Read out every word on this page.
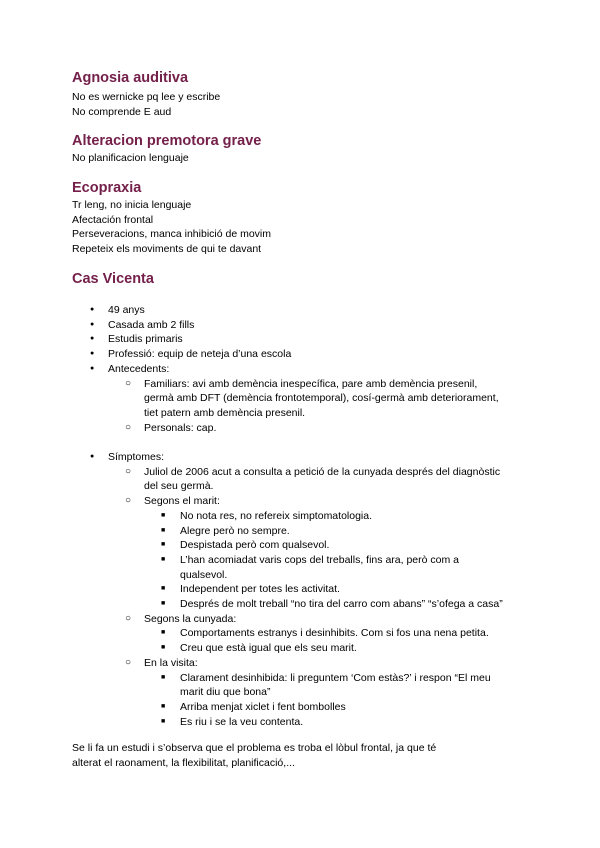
Agnosia auditiva

No es wernicke pq lee y escribe

No comprende E aud

Alteracion premotora grave

No planificacion lenguaje

Ecopraxia

Tr leng, no inicia lenguaje

Afectación frontal

Perseveracions, manca inhibició de movim

Repeteix els moviments de qui te davant

Cas Vicenta
● 49 anys
● Casada amb 2 fills
● Estudis primaris
● Professió: equip de neteja d’una escola
● Antecedents:
○ Familiars: avi amb demència inespecífica, pare amb demència presenil,
germà amb DFT (demència frontotemporal), cosí-germà amb deteriorament,
tiet patern amb demència presenil.
○ Personals: cap.
● Símptomes:
○ Juliol de 2006 acut a consulta a petició de la cunyada després del diagnòstic
del seu germà.
○ Segons el marit:
■ No nota res, no refereix simptomatologia.
■ Alegre però no sempre.
■ Despistada però com qualsevol.
■ L’han acomiadat varis cops del treballs, fins ara, però com a
qualsevol.
■ Independent per totes les activitat.
■ Després de molt treball “no tira del carro com abans” “s’ofega a casa”
○ Segons la cunyada:
■ Comportaments estranys i desinhibits. Com si fos una nena petita.
■ Creu que està igual que els seu marit.
○ En la visita:
■ Clarament desinhibida: li preguntem ‘Com estàs?’ i respon “El meu
marit diu que bona”
■ Arriba menjat xiclet i fent bombolles
■ Es riu i se la veu contenta.

Se li fa un estudi i s’observa que el problema es troba el lòbul frontal, ja que té

alterat el raonament, la flexibilitat, planificació,...
